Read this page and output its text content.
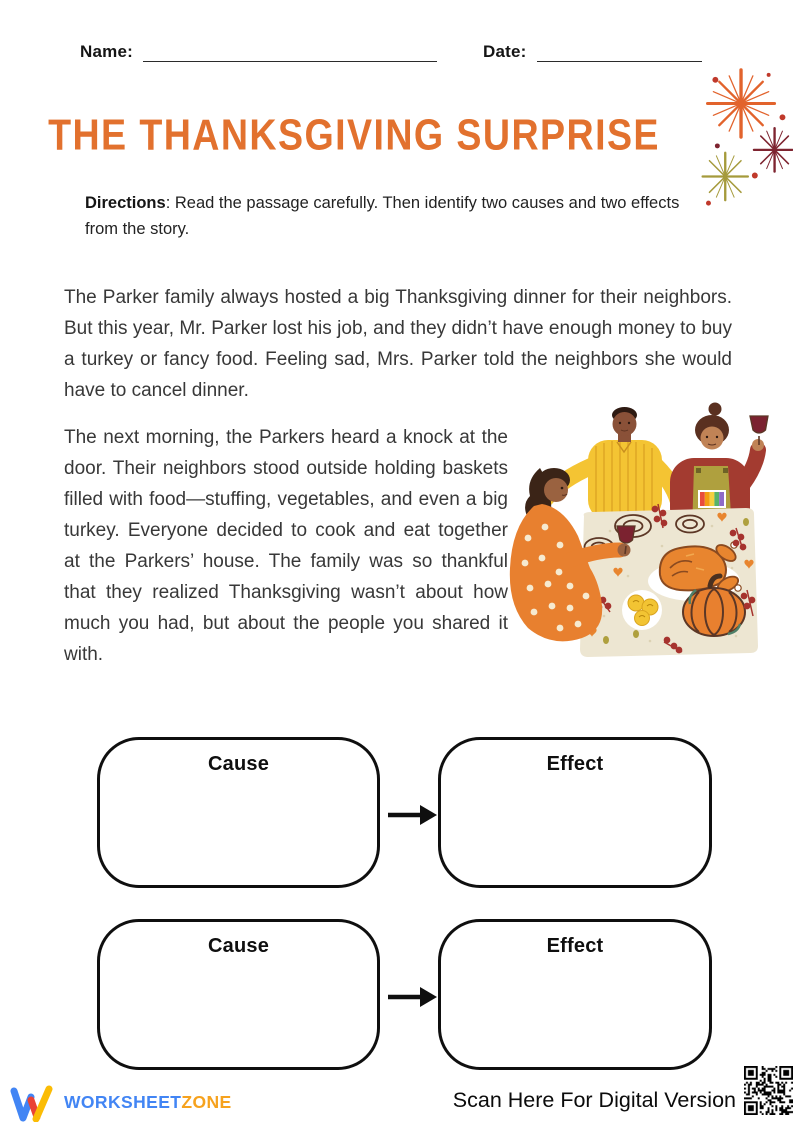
Name:	Date:
THE THANKSGIVING SURPRISE

Directions: Read the passage carefully. Then identify two causes and two effects from the story.

The Parker family always hosted a big Thanksgiving dinner for their neighbors. But this year, Mr. Parker lost his job, and they didn’t have enough money to buy a turkey or fancy food. Feeling sad, Mrs. Parker told the neighbors she would have to cancel dinner.

The next morning, the Parkers heard a knock at the door. Their neighbors stood outside holding baskets filled with food—stuffing, vegetables, and even a big turkey. Everyone decided to cook and eat together at the Parkers’ house. The family was so thankful that they realized Thanksgiving wasn’t about how much you had, but about the people you shared it with.

Cause	Effect
Cause	Effect
WORKSHEETZONE	Scan Here For Digital Version
